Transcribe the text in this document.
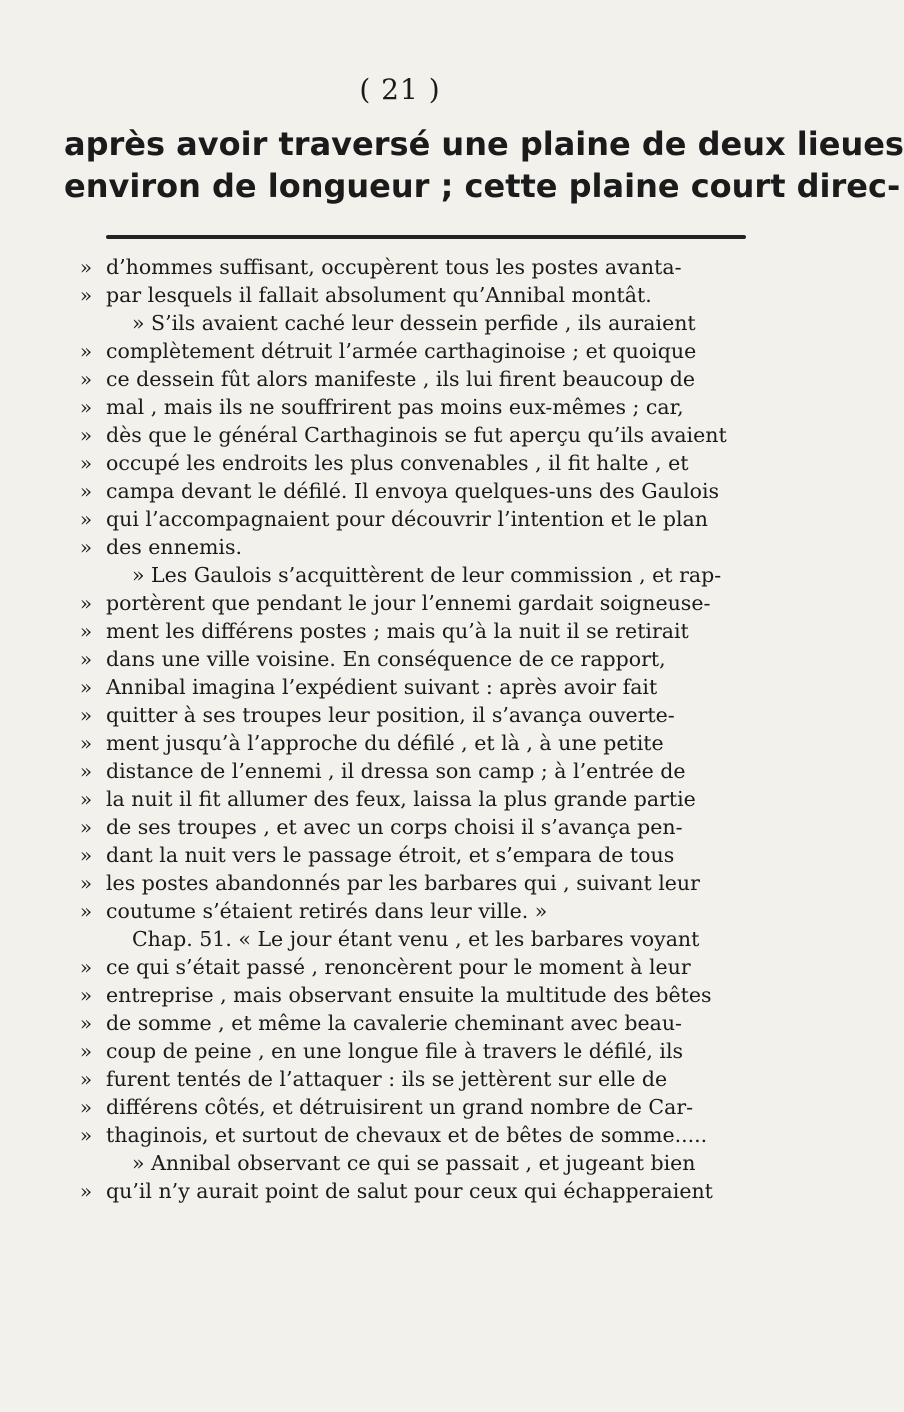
( 21 )
après avoir traversé une plaine de deux lieues
environ de longueur ; cette plaine court direc-
» d’hommes suffisant, occupèrent tous les postes avanta-
» par lesquels il fallait absolument qu’Annibal montât.
» S’ils avaient caché leur dessein perfide , ils auraient
» complètement détruit l’armée carthaginoise ; et quoique
» ce dessein fût alors manifeste , ils lui firent beaucoup de
» mal , mais ils ne souffrirent pas moins eux-mêmes ; car,
» dès que le général Carthaginois se fut aperçu qu’ils avaient
» occupé les endroits les plus convenables , il fit halte , et
» campa devant le défilé. Il envoya quelques-uns des Gaulois
» qui l’accompagnaient pour découvrir l’intention et le plan
» des ennemis.
» Les Gaulois s’acquittèrent de leur commission , et rap-
» portèrent que pendant le jour l’ennemi gardait soigneuse-
» ment les différens postes ; mais qu’à la nuit il se retirait
» dans une ville voisine. En conséquence de ce rapport,
» Annibal imagina l’expédient suivant : après avoir fait
» quitter à ses troupes leur position, il s’avança ouverte-
» ment jusqu’à l’approche du défilé , et là , à une petite
» distance de l’ennemi , il dressa son camp ; à l’entrée de
» la nuit il fit allumer des feux, laissa la plus grande partie
» de ses troupes , et avec un corps choisi il s’avança pen-
» dant la nuit vers le passage étroit, et s’empara de tous
» les postes abandonnés par les barbares qui , suivant leur
» coutume s’étaient retirés dans leur ville. »
Chap. 51. « Le jour étant venu , et les barbares voyant
» ce qui s’était passé , renoncèrent pour le moment à leur
» entreprise , mais observant ensuite la multitude des bêtes
» de somme , et même la cavalerie cheminant avec beau-
» coup de peine , en une longue file à travers le défilé, ils
» furent tentés de l’attaquer : ils se jettèrent sur elle de
» différens côtés, et détruisirent un grand nombre de Car-
» thaginois, et surtout de chevaux et de bêtes de somme.....
» Annibal observant ce qui se passait , et jugeant bien
» qu’il n’y aurait point de salut pour ceux qui échapperaient
